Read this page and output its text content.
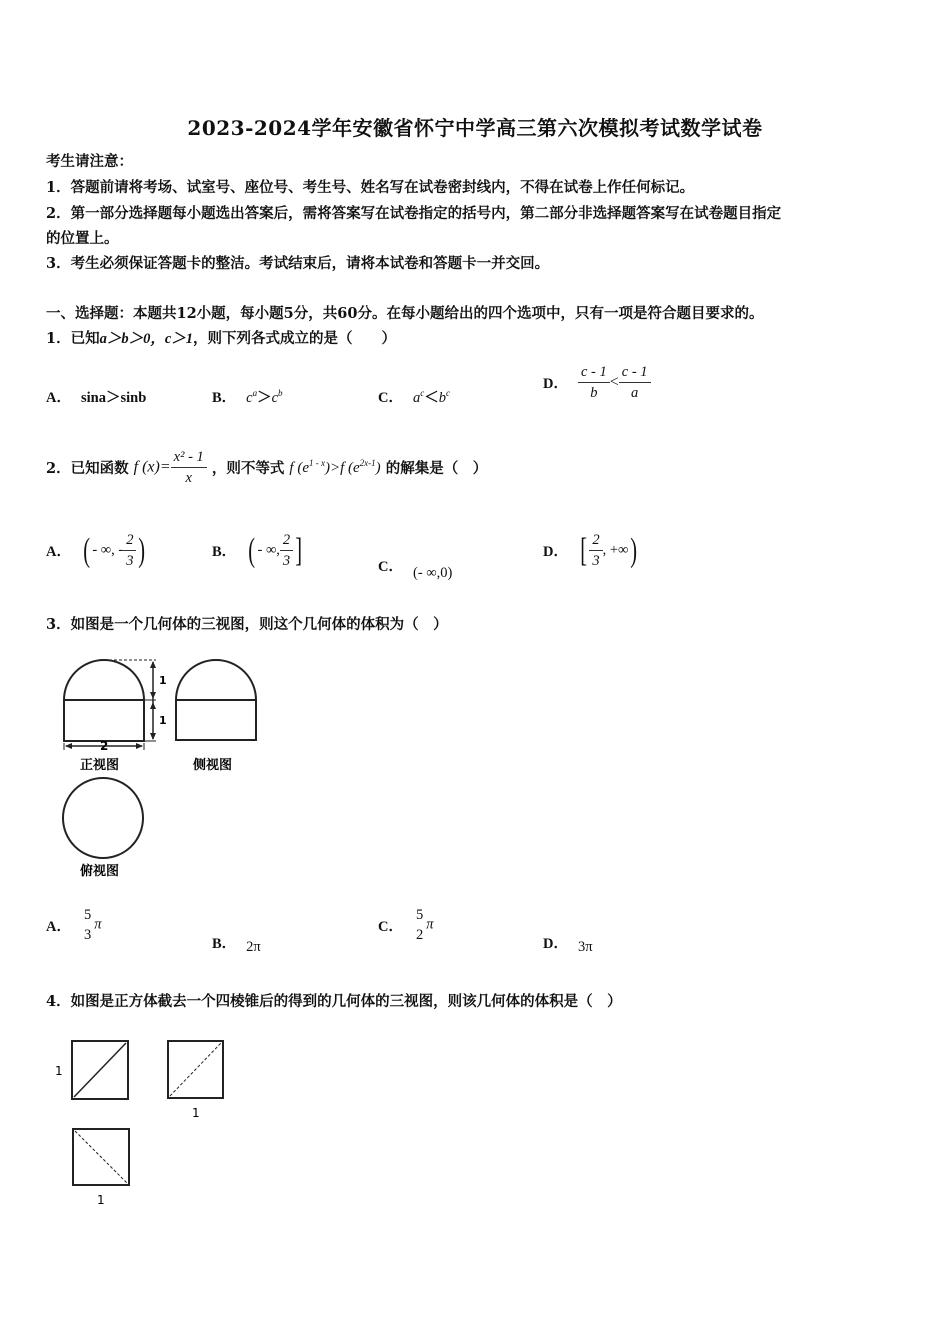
2023-2024学年安徽省怀宁中学高三第六次模拟考试数学试卷
考生请注意：
1．答题前请将考场、试室号、座位号、考生号、姓名写在试卷密封线内，不得在试卷上作任何标记。
2．第一部分选择题每小题选出答案后，需将答案写在试卷指定的括号内，第二部分非选择题答案写在试卷题目指定
的位置上。
3．考生必须保证答题卡的整洁。考试结束后，请将本试卷和答题卡一并交回。
一、选择题：本题共12小题，每小题5分，共60分。在每小题给出的四个选项中，只有一项是符合题目要求的。
1．已知a＞b＞0，c＞1，则下列各式成立的是（　　）
A． sina＞sinb	B． $c^a>c^b$	C． $a^c<b^c$
D． $\frac{c - 1}{b} < \frac{c - 1}{a}$
2．已知函数 f $(x)= \frac{\text{x² - 1}}{x}$ ，则不等式 f $(e^{1 - x})>f$ $(e^{2x-1})$ 的解集是（　）
A． ( - ∞, - $\frac{2}{3}$ )	B． ( - ∞, $\frac{2}{3}$ ]	C． (- ∞,0)
D． [ $\frac{2}{3}$ , +∞)
3．如图是一个几何体的三视图，则这个几何体的体积为（　）
1
1
2
正视图	侧视图
俯视图
A．
5
3
π
B． 2π
C．
5
2
π
D． 3π
4．如图是正方体截去一个四棱锥后的得到的几何体的三视图，则该几何体的体积是（　）
1
1
1
